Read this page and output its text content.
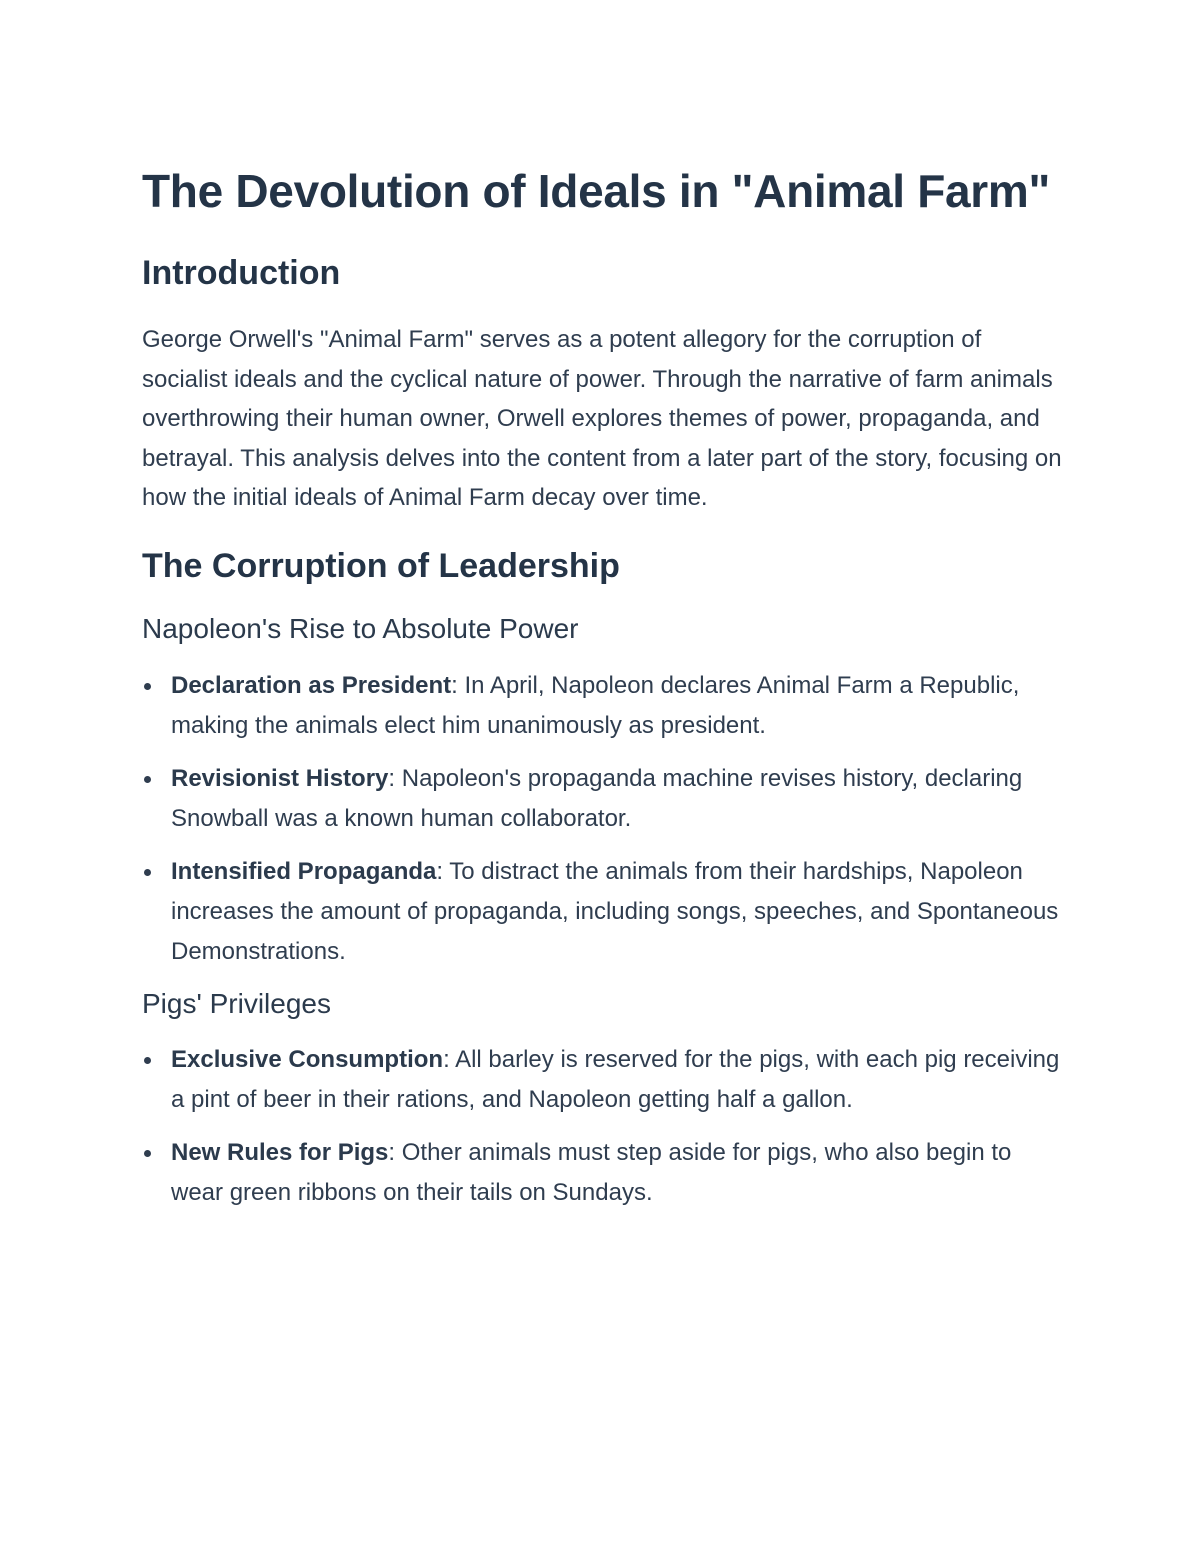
The Devolution of Ideals in "Animal Farm"
Introduction

George Orwell's "Animal Farm" serves as a potent allegory for the corruption of socialist ideals and the cyclical nature of power. Through the narrative of farm animals overthrowing their human owner, Orwell explores themes of power, propaganda, and betrayal. This analysis delves into the content from a later part of the story, focusing on how the initial ideals of Animal Farm decay over time.

The Corruption of Leadership
Napoleon's Rise to Absolute Power
Declaration as President: In April, Napoleon declares Animal Farm a Republic, making the animals elect him unanimously as president.
Revisionist History: Napoleon's propaganda machine revises history, declaring Snowball was a known human collaborator.
Intensified Propaganda: To distract the animals from their hardships, Napoleon increases the amount of propaganda, including songs, speeches, and Spontaneous Demonstrations.
Pigs' Privileges
Exclusive Consumption: All barley is reserved for the pigs, with each pig receiving a pint of beer in their rations, and Napoleon getting half a gallon.
New Rules for Pigs: Other animals must step aside for pigs, who also begin to wear green ribbons on their tails on Sundays.
